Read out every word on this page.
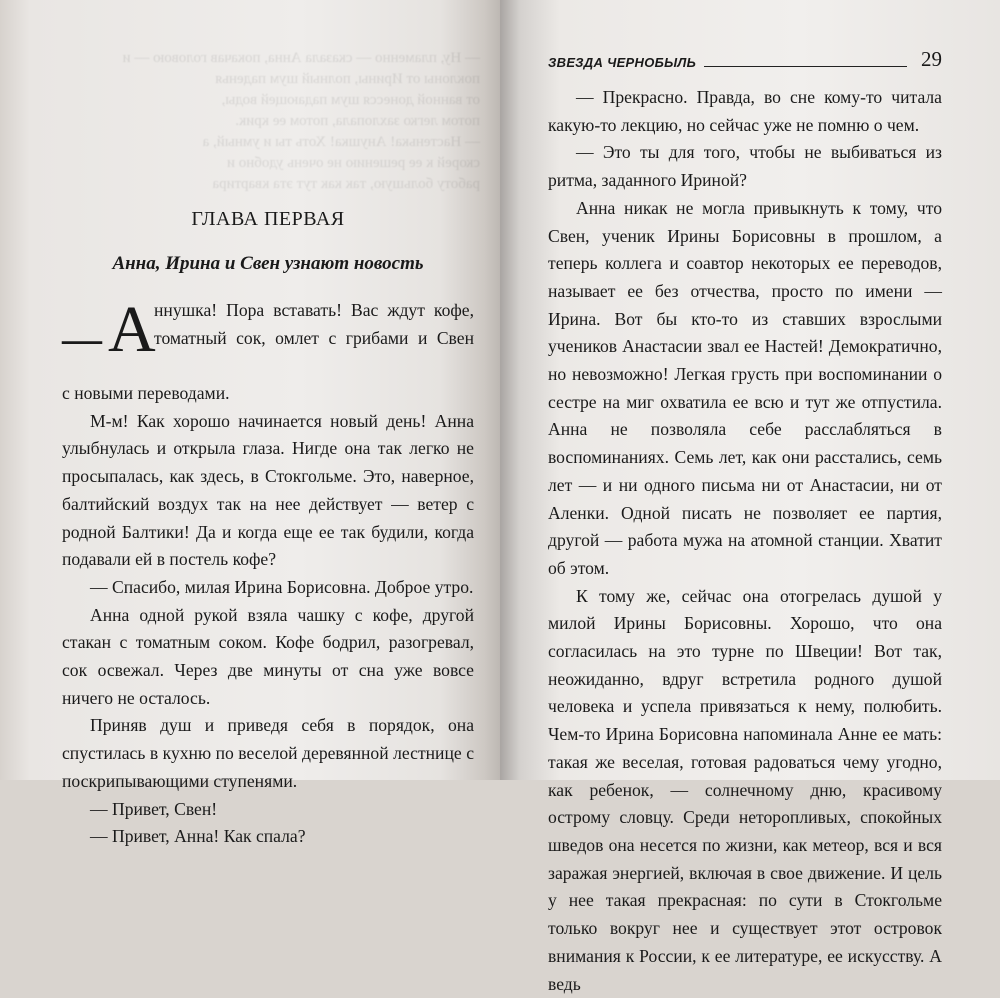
— Ну, пламенно — сказала Анна, покачав головою — и

поклоны от Ирины, полный шум паденья

от ванной донесся шум падающей воды,

потом легко захлопала, потом ее крик.

— Настенька! Анушка! Хоть ты и умный, а

скорей к ее решению не очень удобно и

работу большую, так как тут эта квартира

ГЛАВА ПЕРВАЯ
Анна, Ирина и Свен узнают новость
— А
ннушка! Пора вставать! Вас ждут кофе,
томатный сок, омлет с грибами и Свен

с новыми переводами.

М-м! Как хорошо начинается новый день! Анна улыбнулась и открыла глаза. Нигде она так легко не просыпалась, как здесь, в Стокгольме. Это, наверное, балтийский воздух так на нее действует — ветер с родной Балтики! Да и когда еще ее так будили, когда подавали ей в постель кофе?

— Спасибо, милая Ирина Борисовна. Доброе утро.

Анна одной рукой взяла чашку с кофе, другой стакан с томатным соком. Кофе бодрил, разогревал, сок освежал. Через две минуты от сна уже вовсе ничего не осталось.

Приняв душ и приведя себя в порядок, она спустилась в кухню по веселой деревянной лестнице с поскрипывающими ступенями.

— Привет, Свен!

— Привет, Анна! Как спала?

ЗВЕЗДА ЧЕРНОБЫЛЬ	29

— Прекрасно. Правда, во сне кому-то читала какую-то лекцию, но сейчас уже не помню о чем.

— Это ты для того, чтобы не выбиваться из ритма, заданного Ириной?

Анна никак не могла привыкнуть к тому, что Свен, ученик Ирины Борисовны в прошлом, а теперь коллега и соавтор некоторых ее переводов, называет ее без отчества, просто по имени — Ирина. Вот бы кто-то из ставших взрослыми учеников Анастасии звал ее Настей! Демократично, но невозможно! Легкая грусть при воспоминании о сестре на миг охватила ее всю и тут же отпустила. Анна не позволяла себе расслабляться в воспоминаниях. Семь лет, как они расстались, семь лет — и ни одного письма ни от Анастасии, ни от Аленки. Одной писать не позволяет ее партия, другой — работа мужа на атомной станции. Хватит об этом.

К тому же, сейчас она отогрелась душой у милой Ирины Борисовны. Хорошо, что она согласилась на это турне по Швеции! Вот так, неожиданно, вдруг встретила родного душой человека и успела привязаться к нему, полюбить. Чем-то Ирина Борисовна напоминала Анне ее мать: такая же веселая, готовая радоваться чему угодно, как ребенок, — солнечному дню, красивому острому словцу. Среди неторопливых, спокойных шведов она несется по жизни, как метеор, вся и вся заражая энергией, включая в свое движение. И цель у нее такая прекрасная: по сути в Стокгольме только вокруг нее и существует этот островок внимания к России, к ее литературе, ее искусству. А ведь
